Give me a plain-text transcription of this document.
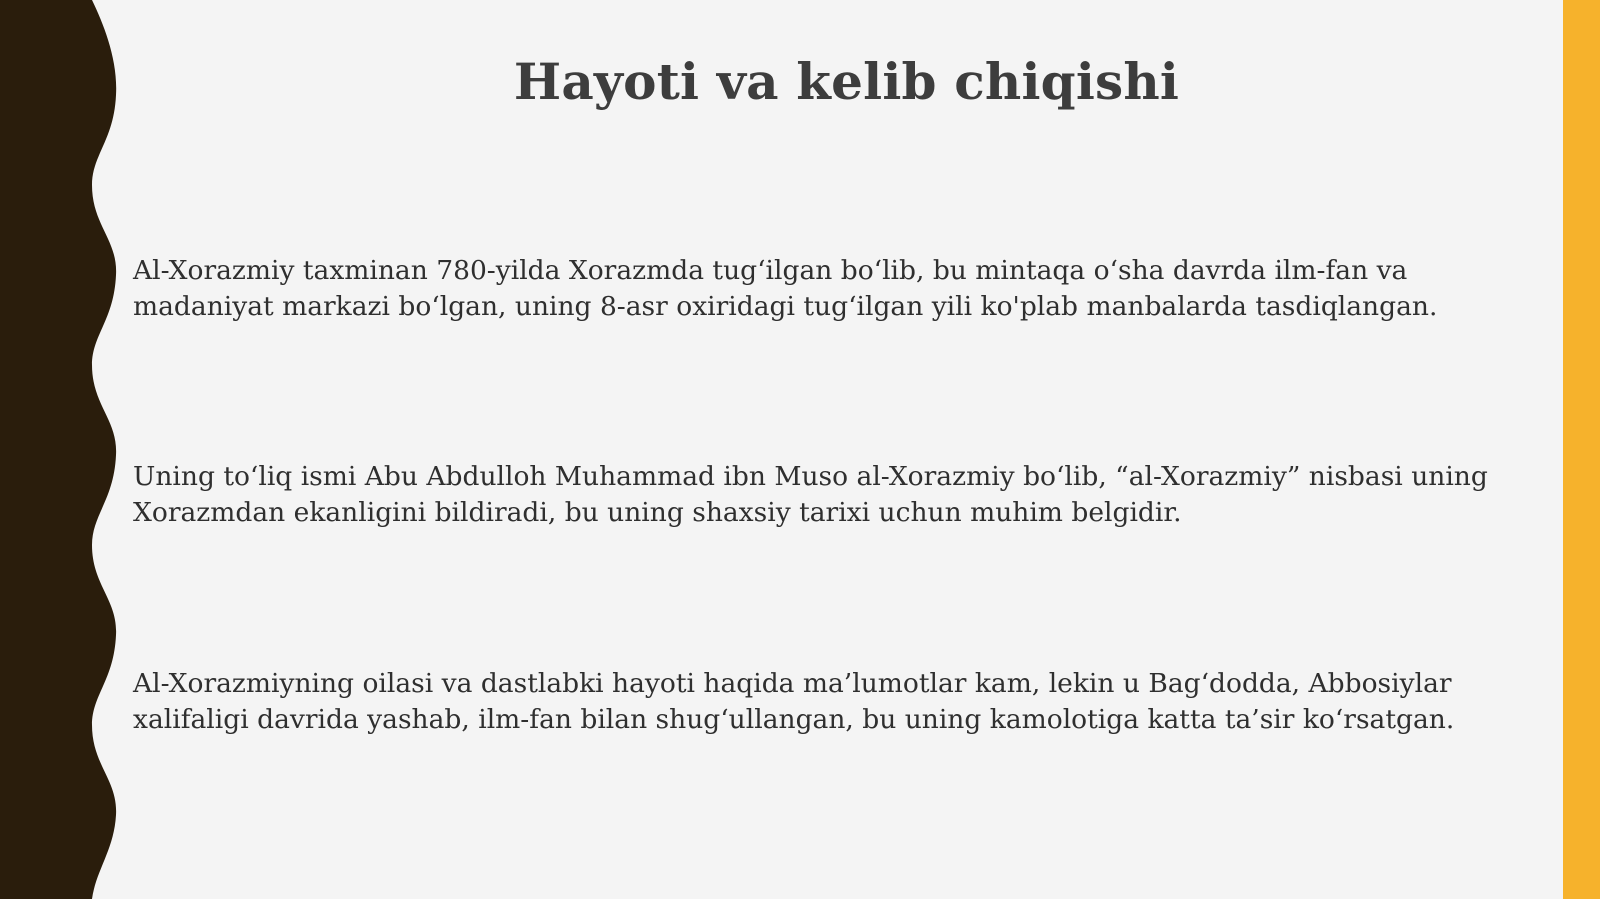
Hayoti va kelib chiqishi

Al-Xorazmiy taxminan 780-yilda Xorazmda tug‘ilgan bo‘lib, bu mintaqa o‘sha davrda ilm-fan va madaniyat markazi bo‘lgan, uning 8-asr oxiridagi tug‘ilgan yili ko'plab manbalarda tasdiqlangan.

Uning to‘liq ismi Abu Abdulloh Muhammad ibn Muso al-Xorazmiy bo‘lib, “al-Xorazmiy” nisbasi uning Xorazmdan ekanligini bildiradi, bu uning shaxsiy tarixi uchun muhim belgidir.

Al-Xorazmiyning oilasi va dastlabki hayoti haqida ma’lumotlar kam, lekin u Bag‘dodda, Abbosiylar xalifaligi davrida yashab, ilm-fan bilan shug‘ullangan, bu uning kamolotiga katta ta’sir ko‘rsatgan.
